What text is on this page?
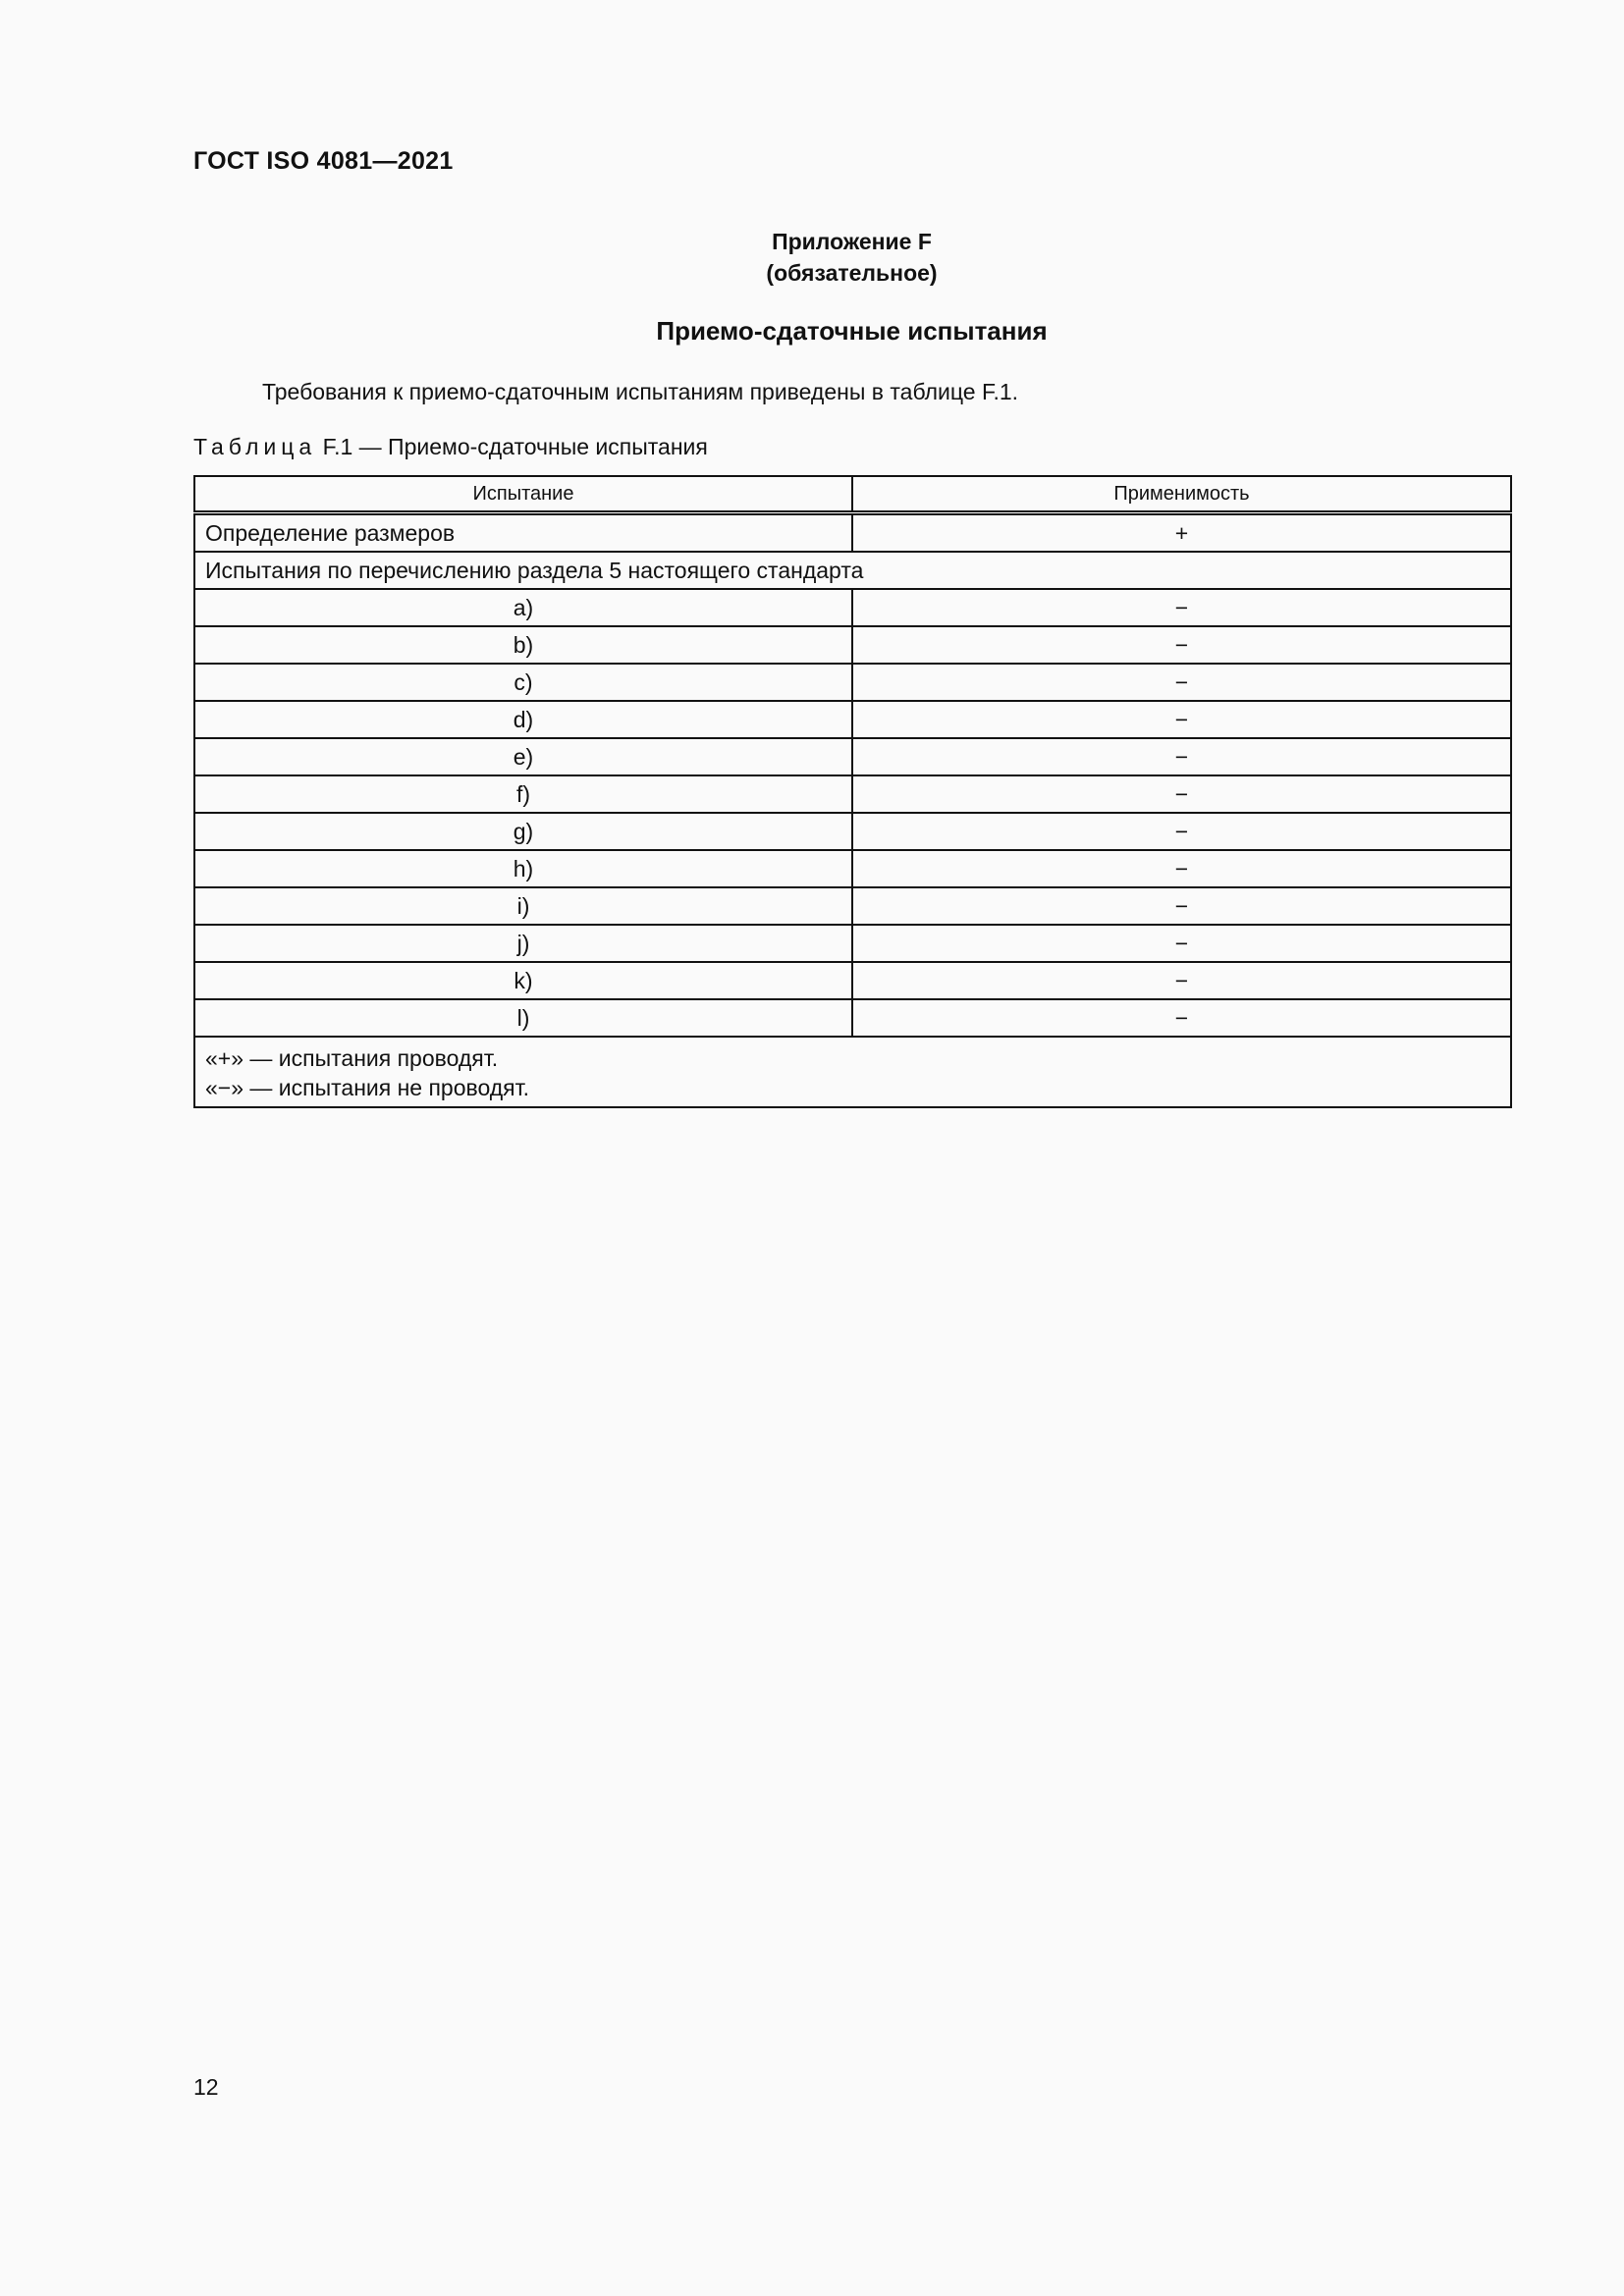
ГОСТ ISO 4081—2021
Приложение F
(обязательное)
Приемо-сдаточные испытания
Требования к приемо-сдаточным испытаниям приведены в таблице F.1.
Таблица F.1 — Приемо-сдаточные испытания
Испытание	Применимость
Определение размеров	+
Испытания по перечислению раздела 5 настоящего стандарта	
a)	−
b)	−
c)	−
d)	−
e)	−
f)	−
g)	−
h)	−
i)	−
j)	−
k)	−
l)	−

«+» — испытания проводят.
«−» — испытания не проводят.	
12
